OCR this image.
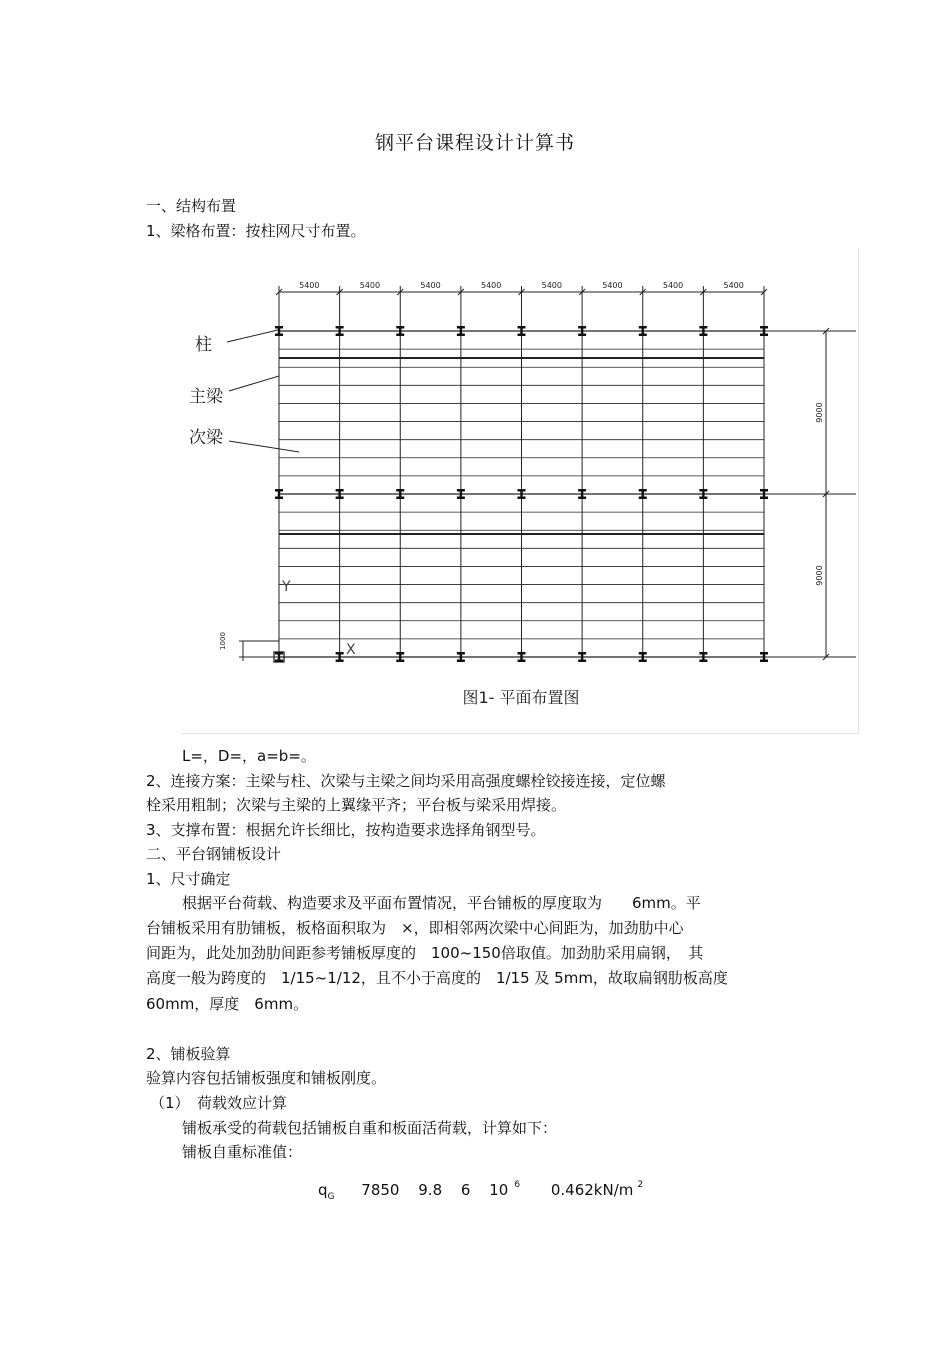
钢平台课程设计计算书
一、结构布置
1、梁格布置：按柱网尺寸布置。
5400	5400	5400	5400	5400	5400	5400	5400
9000
9000
1000
Y
X
柱
主梁
次梁
图1- 平面布置图
L=，D=，a=b=。
2、连接方案：主梁与柱、次梁与主梁之间均采用高强度螺栓铰接连接，定位螺
栓采用粗制；次梁与主梁的上翼缘平齐；平台板与梁采用焊接。
3、支撑布置：根据允许长细比，按构造要求选择角钢型号。
二、平台钢铺板设计
1、尺寸确定
根据平台荷载、构造要求及平面布置情况，平台铺板的厚度取为　　6mm。平
台铺板采用有肋铺板，板格面积取为　×，即相邻两次梁中心间距为，加劲肋中心
间距为，此处加劲肋间距参考铺板厚度的　100~150倍取值。加劲肋采用扁钢，　其
高度一般为跨度的　1/15~1/12，且不小于高度的　1/15 及 5mm，故取扁钢肋板高度
60mm，厚度　6mm。
2、铺板验算
验算内容包括铺板强度和铺板刚度。
（1）　荷载效应计算
铺板承受的荷载包括铺板自重和板面活荷载，计算如下：
铺板自重标准值：
$q_G$ 7850 9.8 6 10 $^6$ 0.462kN/m $^2$
